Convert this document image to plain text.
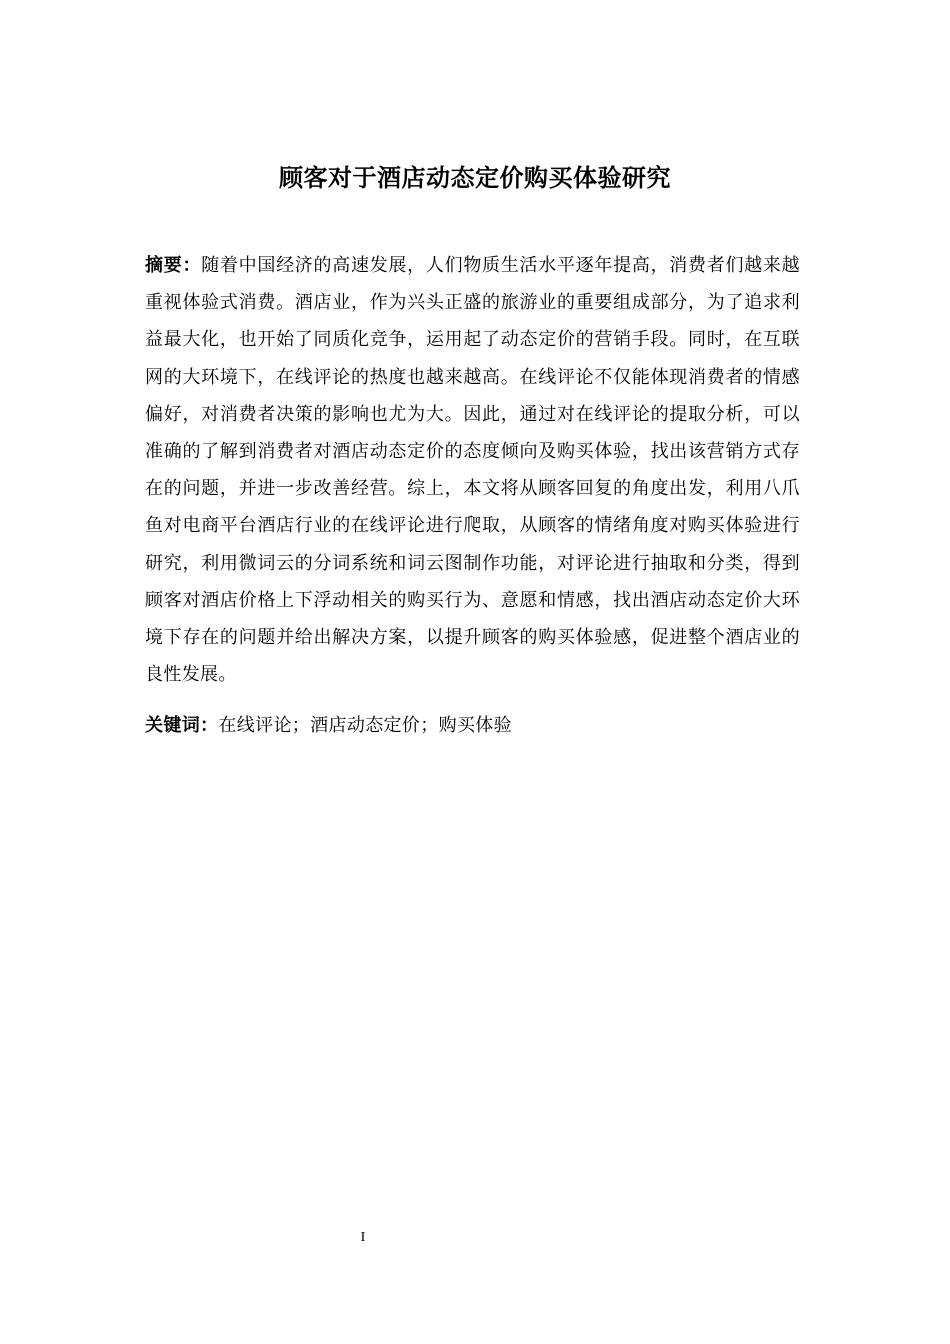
顾客对于酒店动态定价购买体验研究
摘要：随着中国经济的高速发展，人们物质生活水平逐年提高，消费者们越来越重视体验式消费。酒店业，作为兴头正盛的旅游业的重要组成部分，为了追求利益最大化，也开始了同质化竞争，运用起了动态定价的营销手段。同时，在互联网的大环境下，在线评论的热度也越来越高。在线评论不仅能体现消费者的情感偏好，对消费者决策的影响也尤为大。因此，通过对在线评论的提取分析，可以准确的了解到消费者对酒店动态定价的态度倾向及购买体验，找出该营销方式存在的问题，并进一步改善经营。综上，本文将从顾客回复的角度出发，利用八爪鱼对电商平台酒店行业的在线评论进行爬取，从顾客的情绪角度对购买体验进行研究，利用微词云的分词系统和词云图制作功能，对评论进行抽取和分类，得到顾客对酒店价格上下浮动相关的购买行为、意愿和情感，找出酒店动态定价大环境下存在的问题并给出解决方案，以提升顾客的购买体验感，促进整个酒店业的良性发展。
关键词：在线评论；酒店动态定价；购买体验
I
